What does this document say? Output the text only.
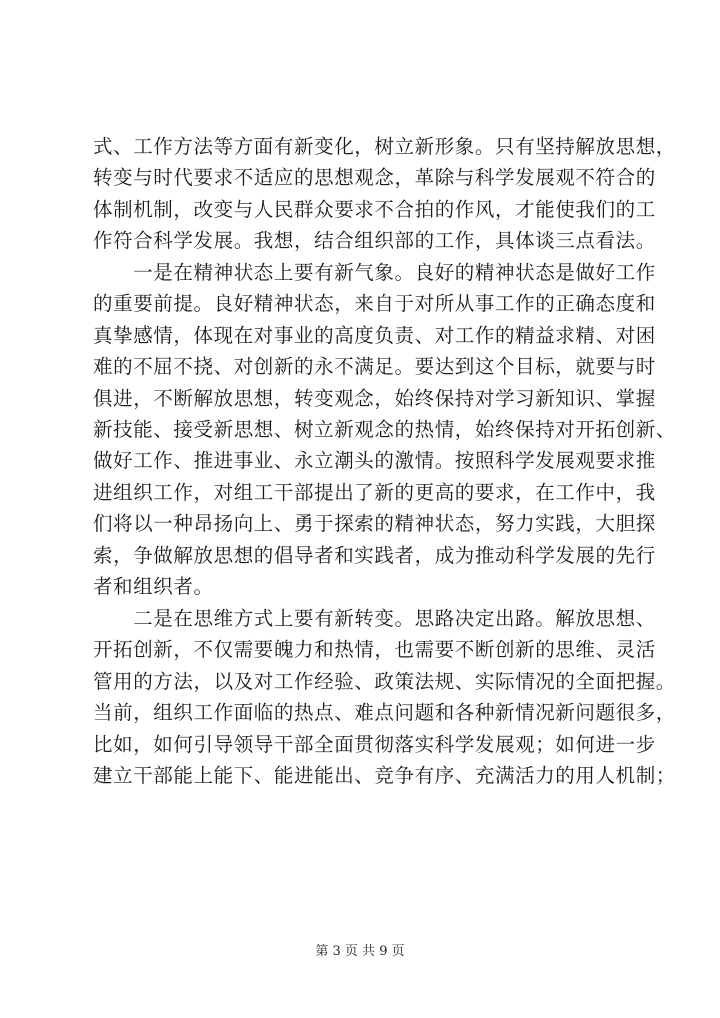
式、工作方法等方面有新变化，树立新形象。只有坚持解放思想，
转变与时代要求不适应的思想观念，革除与科学发展观不符合的
体制机制，改变与人民群众要求不合拍的作风，才能使我们的工
作符合科学发展。我想，结合组织部的工作，具体谈三点看法。
　　一是在精神状态上要有新气象。良好的精神状态是做好工作
的重要前提。良好精神状态，来自于对所从事工作的正确态度和
真挚感情，体现在对事业的高度负责、对工作的精益求精、对困
难的不屈不挠、对创新的永不满足。要达到这个目标，就要与时
俱进，不断解放思想，转变观念，始终保持对学习新知识、掌握
新技能、接受新思想、树立新观念的热情，始终保持对开拓创新、
做好工作、推进事业、永立潮头的激情。按照科学发展观要求推
进组织工作，对组工干部提出了新的更高的要求，在工作中，我
们将以一种昂扬向上、勇于探索的精神状态，努力实践，大胆探
索，争做解放思想的倡导者和实践者，成为推动科学发展的先行
者和组织者。
　　二是在思维方式上要有新转变。思路决定出路。解放思想、
开拓创新，不仅需要魄力和热情，也需要不断创新的思维、灵活
管用的方法，以及对工作经验、政策法规、实际情况的全面把握。
当前，组织工作面临的热点、难点问题和各种新情况新问题很多，
比如，如何引导领导干部全面贯彻落实科学发展观；如何进一步
建立干部能上能下、能进能出、竞争有序、充满活力的用人机制；
第 3 页 共 9 页
